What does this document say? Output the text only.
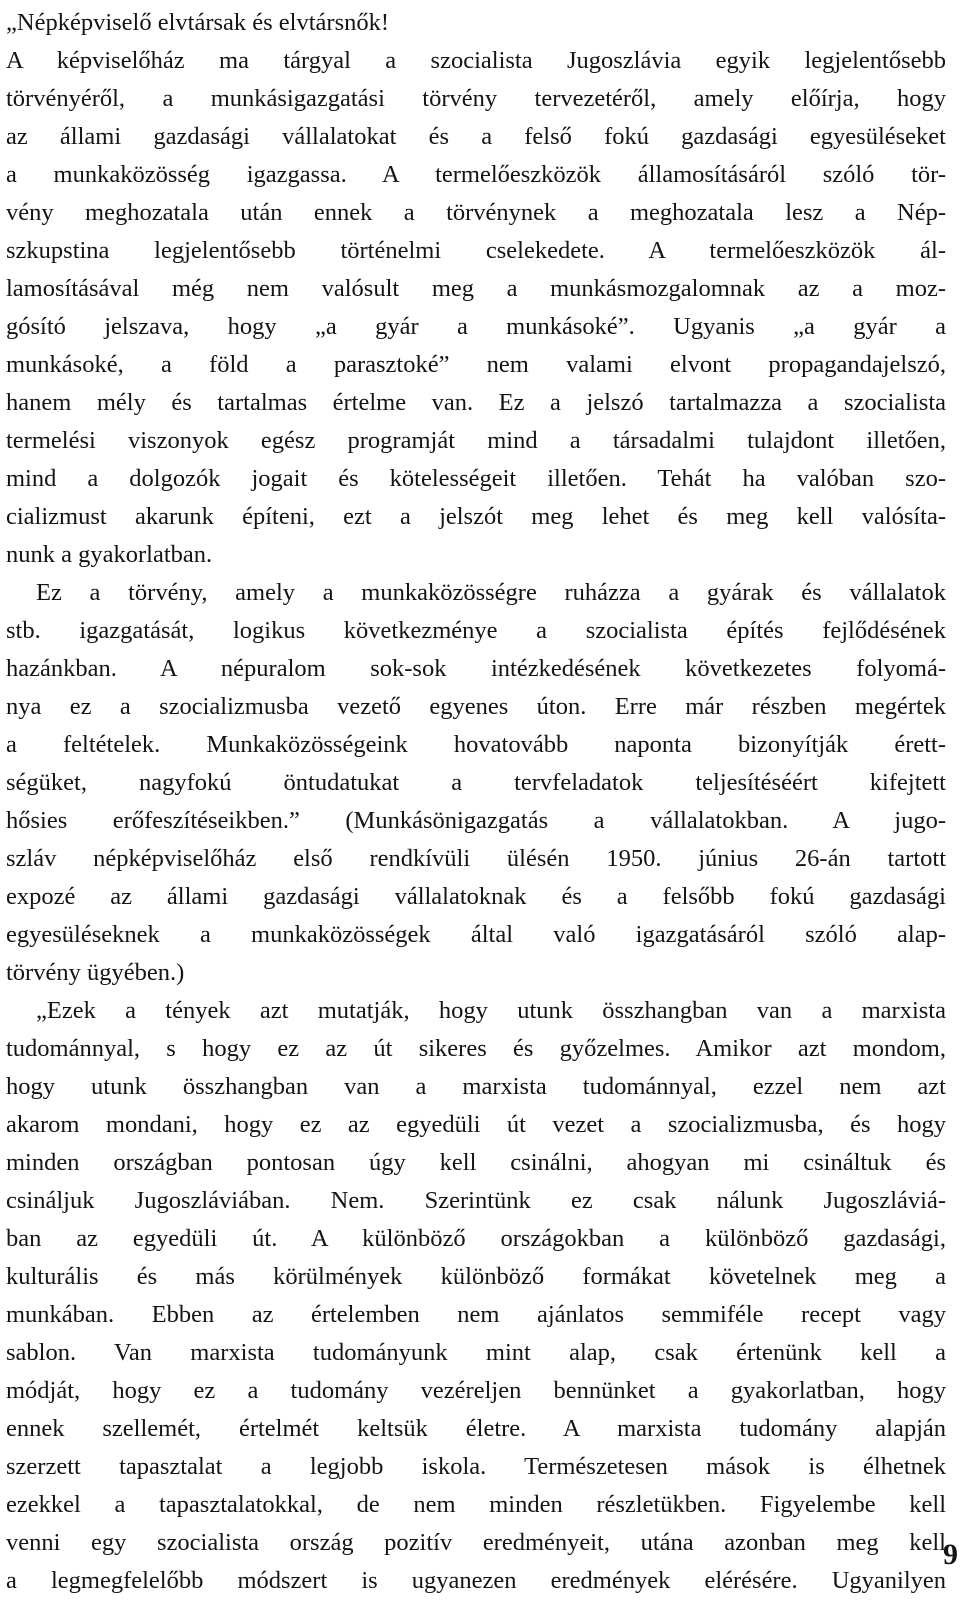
„Népképviselő elvtársak és elvtársnők!
A képviselőház ma tárgyal a szocialista Jugoszlávia egyik legjelentősebb
törvényéről, a munkásigazgatási törvény tervezetéről, amely előírja, hogy
az állami gazdasági vállalatokat és a felső fokú gazdasági egyesüléseket
a munkaközösség igazgassa. A termelőeszközök államosításáról szóló tör-
vény meghozatala után ennek a törvénynek a meghozatala lesz a Nép-
szkupstina legjelentősebb történelmi cselekedete. A termelőeszközök ál-
lamosításával még nem valósult meg a munkásmozgalomnak az a moz-
gósító jelszava, hogy „a gyár a munkásoké”. Ugyanis „a gyár a
munkásoké, a föld a parasztoké” nem valami elvont propagandajelszó,
hanem mély és tartalmas értelme van. Ez a jelszó tartalmazza a szocialista
termelési viszonyok egész programját mind a társadalmi tulajdont illetően,
mind a dolgozók jogait és kötelességeit illetően. Tehát ha valóban szo-
cializmust akarunk építeni, ezt a jelszót meg lehet és meg kell valósíta-
nunk a gyakorlatban.
Ez a törvény, amely a munkaközösségre ruházza a gyárak és vállalatok
stb. igazgatását, logikus következménye a szocialista építés fejlődésének
hazánkban. A népuralom sok-sok intézkedésének következetes folyomá-
nya ez a szocializmusba vezető egyenes úton. Erre már részben megértek
a feltételek. Munkaközösségeink hovatovább naponta bizonyítják érett-
ségüket, nagyfokú öntudatukat a tervfeladatok teljesítéséért kifejtett
hősies erőfeszítéseikben.” (Munkásönigazgatás a vállalatokban. A jugo-
szláv népképviselőház első rendkívüli ülésén 1950. június 26-án tartott
expozé az állami gazdasági vállalatoknak és a felsőbb fokú gazdasági
egyesüléseknek a munkaközösségek által való igazgatásáról szóló alap-
törvény ügyében.)
„Ezek a tények azt mutatják, hogy utunk összhangban van a marxista
tudománnyal, s hogy ez az út sikeres és győzelmes. Amikor azt mondom,
hogy utunk összhangban van a marxista tudománnyal, ezzel nem azt
akarom mondani, hogy ez az egyedüli út vezet a szocializmusba, és hogy
minden országban pontosan úgy kell csinálni, ahogyan mi csináltuk és
csináljuk Jugoszláviában. Nem. Szerintünk ez csak nálunk Jugoszláviá-
ban az egyedüli út. A különböző országokban a különböző gazdasági,
kulturális és más körülmények különböző formákat követelnek meg a
munkában. Ebben az értelemben nem ajánlatos semmiféle recept vagy
sablon. Van marxista tudományunk mint alap, csak értenünk kell a
módját, hogy ez a tudomány vezéreljen bennünket a gyakorlatban, hogy
ennek szellemét, értelmét keltsük életre. A marxista tudomány alapján
szerzett tapasztalat a legjobb iskola. Természetesen mások is élhetnek
ezekkel a tapasztalatokkal, de nem minden részletükben. Figyelembe kell
venni egy szocialista ország pozitív eredményeit, utána azonban meg kell
a legmegfelelőbb módszert is ugyanezen eredmények elérésére. Ugyanilyen
9
